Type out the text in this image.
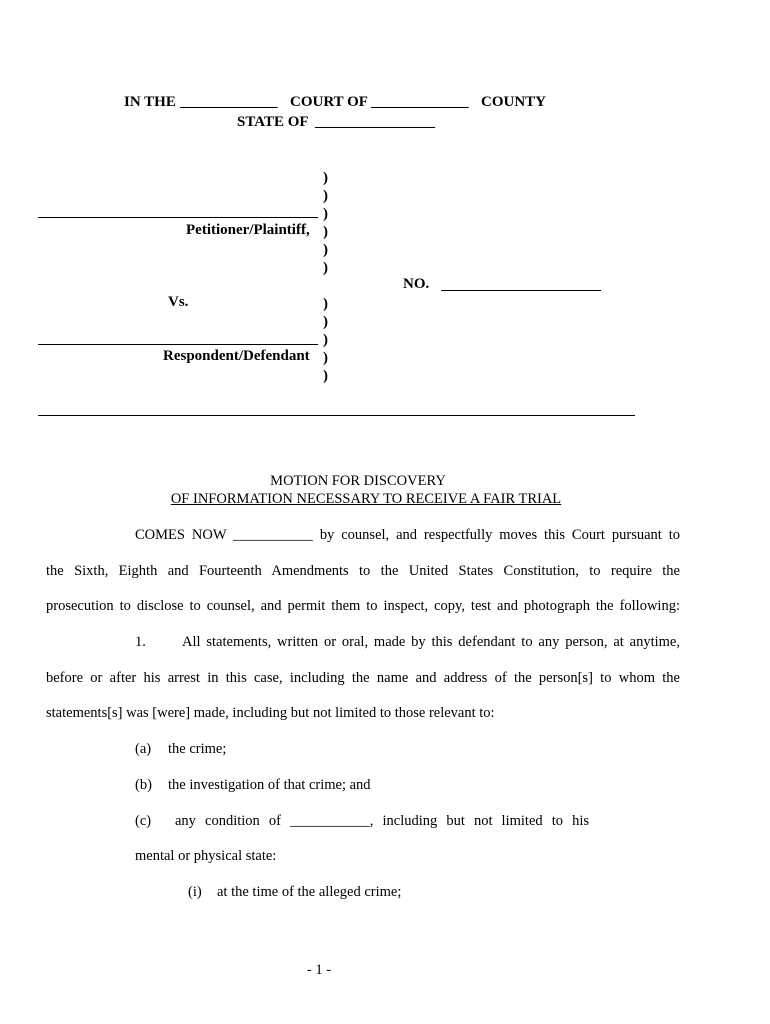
IN THE _____________ COURT OF _____________ COUNTY
STATE OF ________________
)
)
)
)
)
)
)
)
)
)
)
Petitioner/Plaintiff,
Vs.
Respondent/Defendant
NO.
MOTION FOR DISCOVERY
OF INFORMATION NECESSARY TO RECEIVE A FAIR TRIAL
COMES NOW ___________ by counsel, and respectfully moves this Court pursuant to
the Sixth, Eighth and Fourteenth Amendments to the United States Constitution, to require the
prosecution to disclose to counsel, and permit them to inspect, copy, test and photograph the following:
1. All statements, written or oral, made by this defendant to any person, at anytime,
before or after his arrest in this case, including the name and address of the person[s] to whom the
statements[s] was [were] made, including but not limited to those relevant to:
(a) the crime;
(b) the investigation of that crime; and
(c) any condition of ___________, including but not limited to his
mental or physical state:
(i) at the time of the alleged crime;
- 1 -
